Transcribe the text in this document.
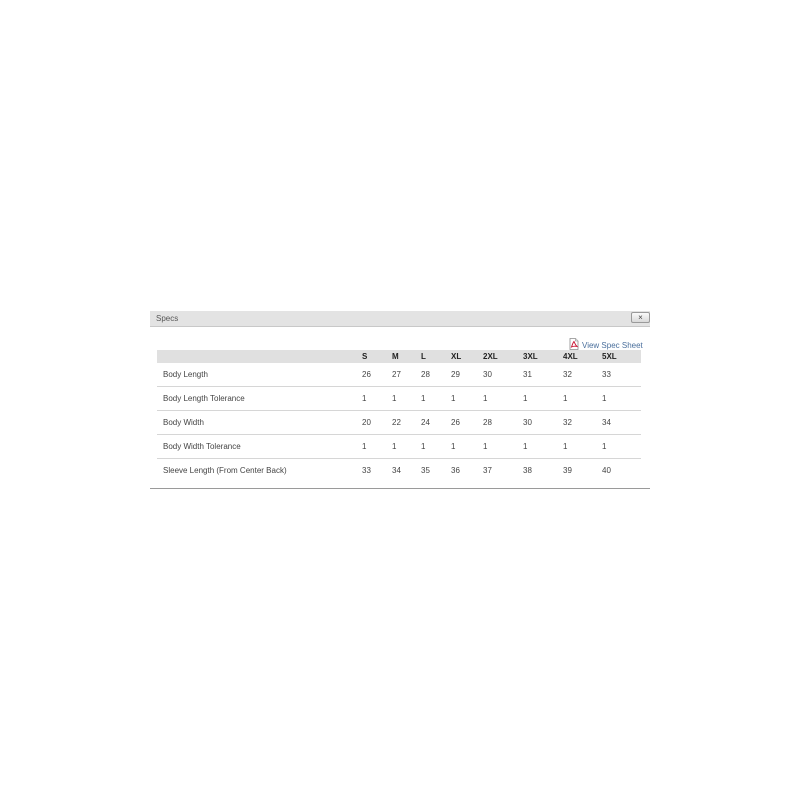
Specs	×
View Spec Sheet
	S	M	L	XL	2XL	3XL	4XL	5XL
Body Length	26	27	28	29	30	31	32	33
Body Length Tolerance	1	1	1	1	1	1	1	1
Body Width	20	22	24	26	28	30	32	34
Body Width Tolerance	1	1	1	1	1	1	1	1
Sleeve Length (From Center Back)	33	34	35	36	37	38	39	40
